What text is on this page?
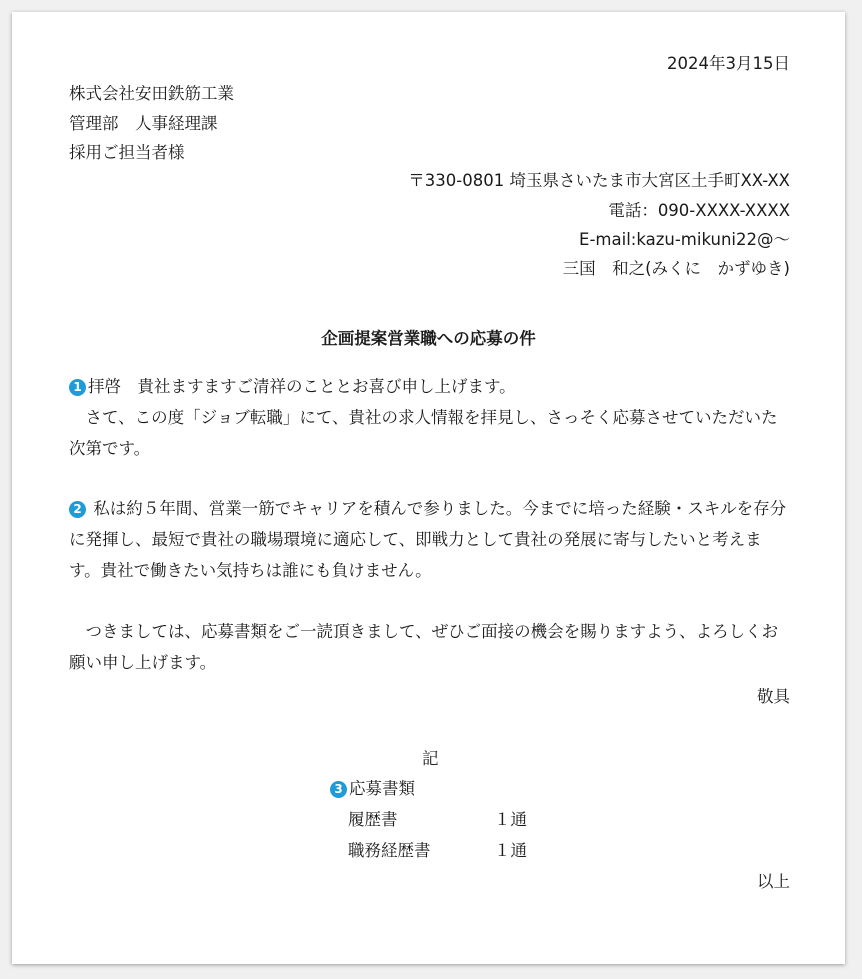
2024年3月15日
株式会社安田鉄筋工業
管理部　人事経理課
採用ご担当者様
〒330-0801 埼玉県さいたま市大宮区土手町XX-XX
電話：090-XXXX-XXXX
E-mail:kazu-mikuni22@～
三国　和之(みくに　かずゆき)
企画提案営業職への応募の件
1 拝啓　貴社ますますご清祥のこととお喜び申し上げます。
　さて、この度「ジョブ転職」にて、貴社の求人情報を拝見し、さっそく応募させていただいた次第です。
2 私は約５年間、営業一筋でキャリアを積んで参りました。今までに培った経験・スキルを存分に発揮し、最短で貴社の職場環境に適応して、即戦力として貴社の発展に寄与したいと考えます。貴社で働きたい気持ちは誰にも負けません。
　つきましては、応募書類をご一読頂きまして、ぜひご面接の機会を賜りますよう、よろしくお願い申し上げます。
敬具
記
3 応募書類
履歴書	１通
職務経歴書	１通
以上
